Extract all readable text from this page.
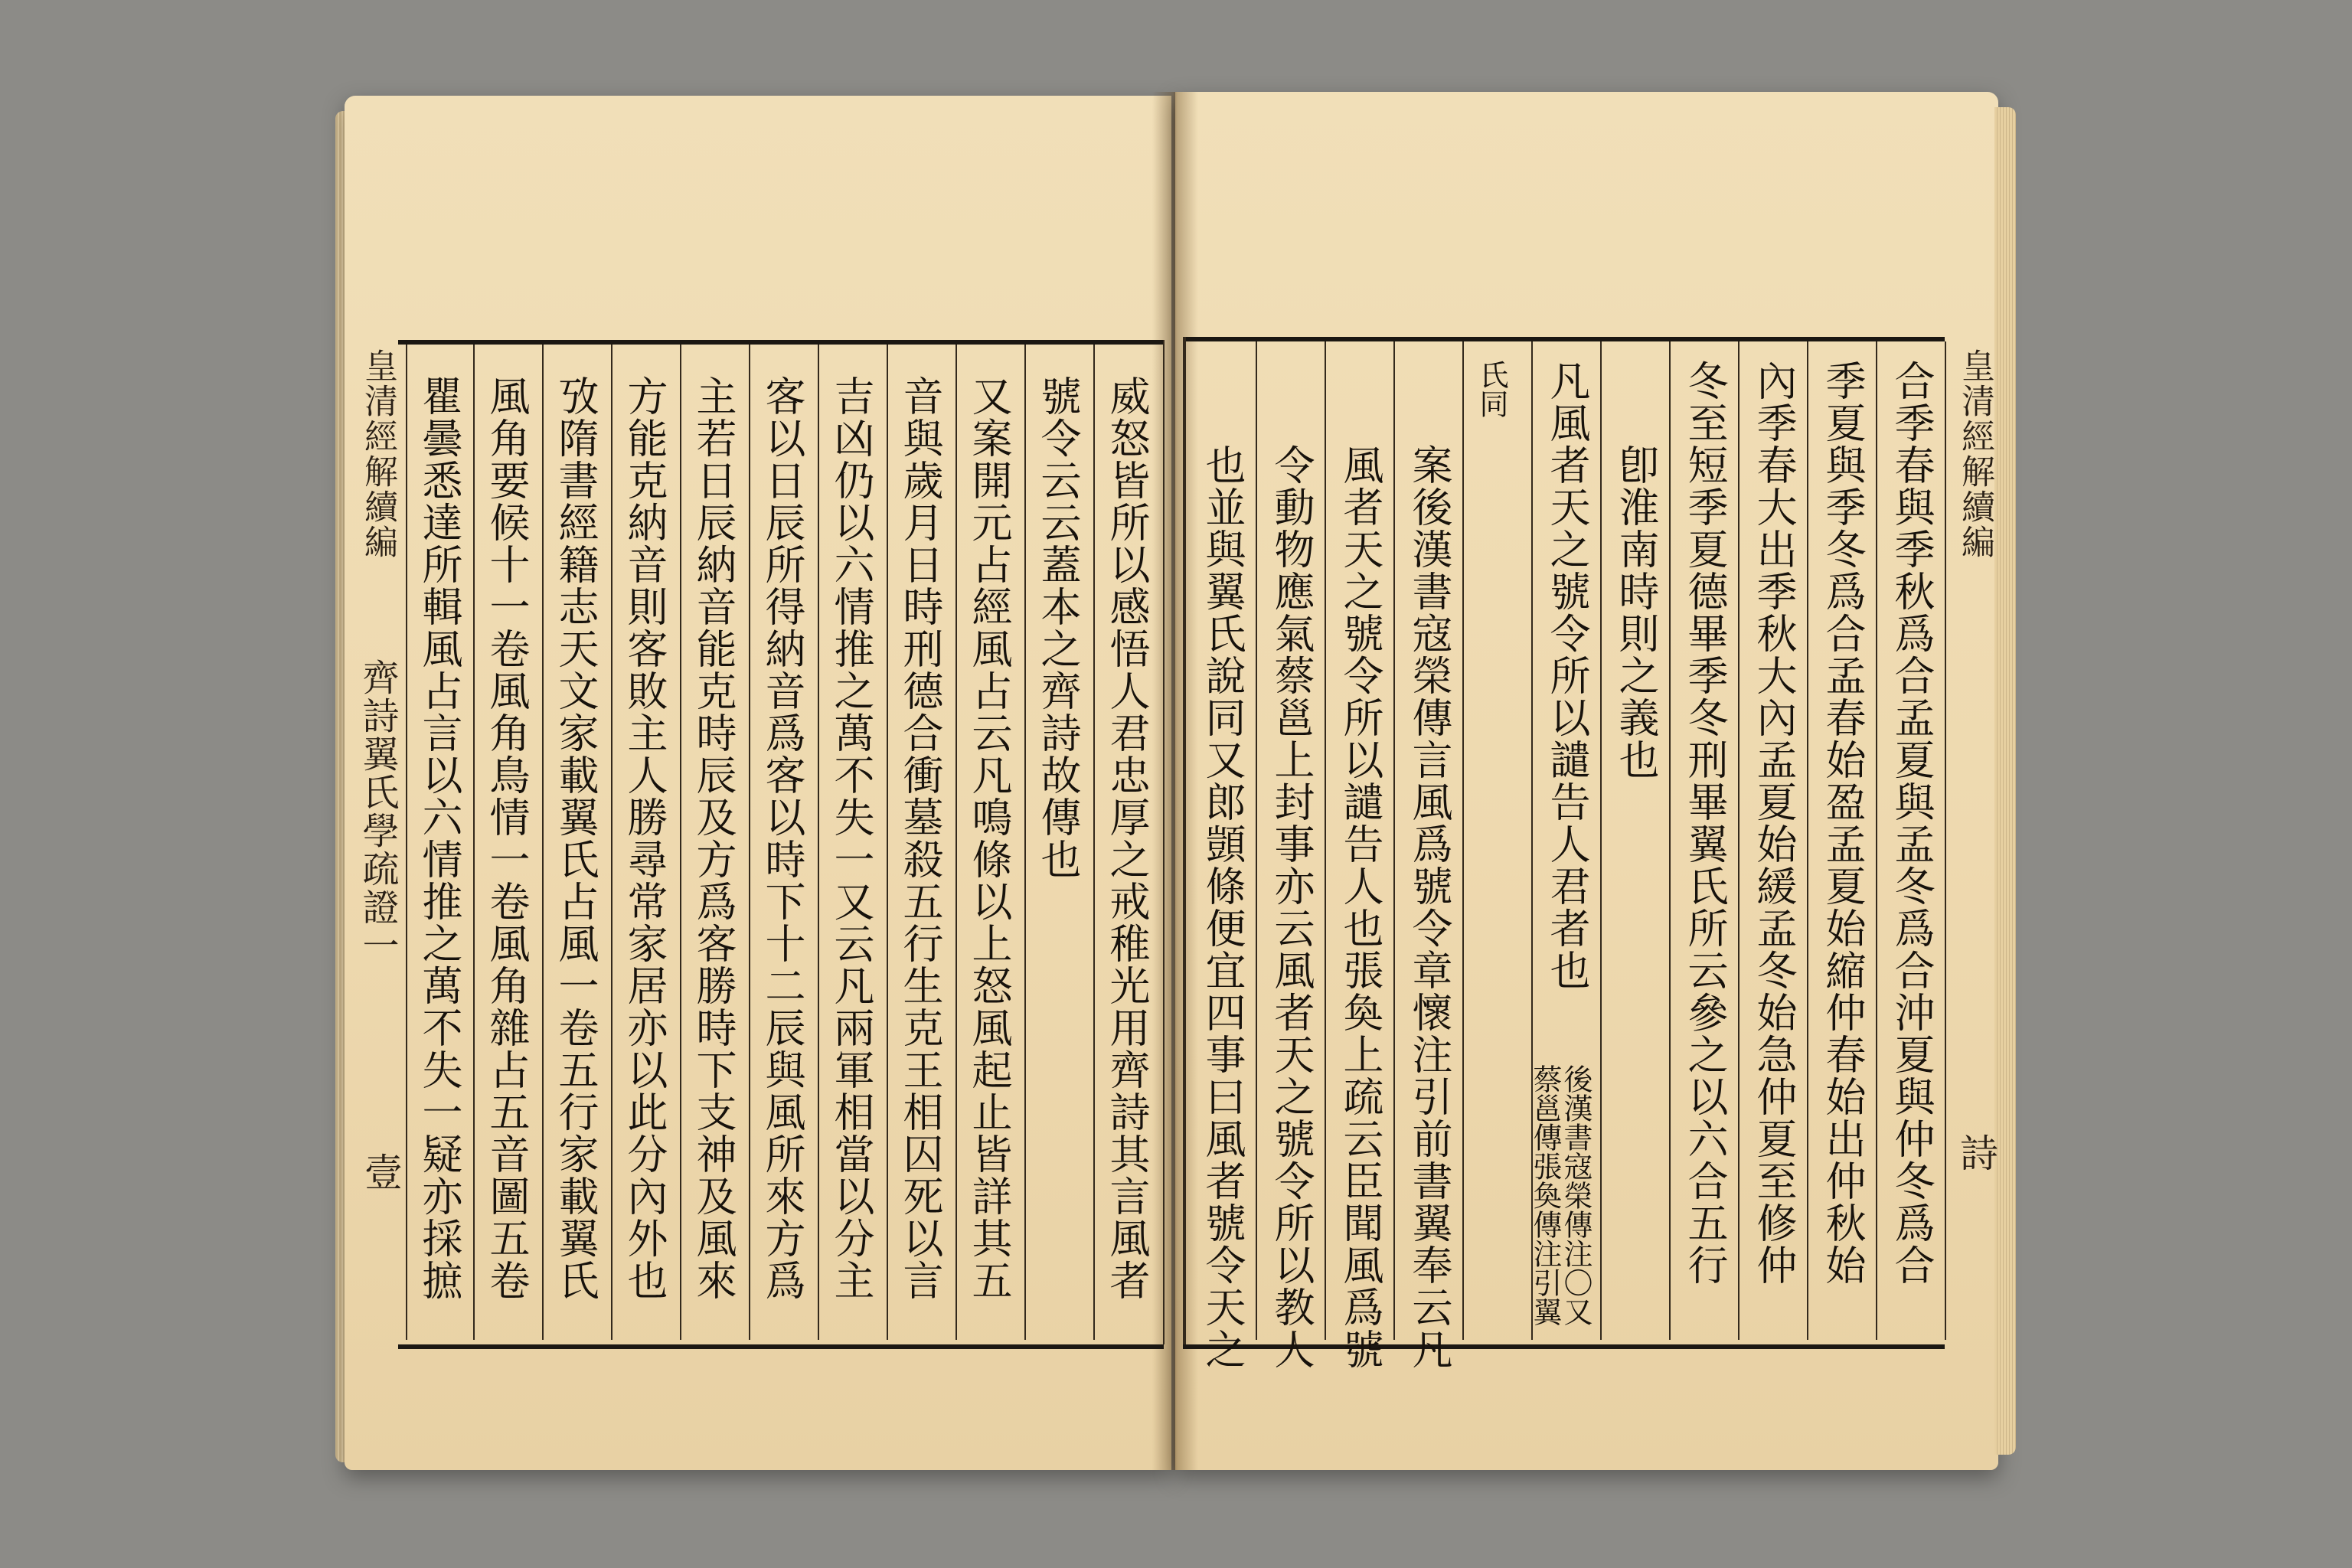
威怒皆所以感悟人君忠厚之戒稚光用齊詩其言風者
號令云云蓋本之齊詩故傳也
又案開元占經風占云凡鳴條以上怒風起止皆詳其五
音與歲月日時刑德合衝墓殺五行生克王相囚死以言
吉凶仍以六情推之萬不失一又云凡兩軍相當以分主
客以日辰所得納音爲客以時下十二辰與風所來方爲
主若日辰納音能克時辰及方爲客勝時下支神及風來
方能克納音則客敗主人勝尋常家居亦以此分內外也
攷隋書經籍志天文家載翼氏占風一卷五行家載翼氏
風角要候十一卷風角鳥情一卷風角雜占五音圖五卷
瞿曇悉達所輯風占言以六情推之萬不失一疑亦採摭
皇清經解續編
齊詩翼氏學疏證一
壹	合季春與季秋爲合孟夏與孟冬爲合沖夏與仲冬爲合
季夏與季冬爲合孟春始盈孟夏始縮仲春始出仲秋始
內季春大出季秋大內孟夏始緩孟冬始急仲夏至修仲
冬至短季夏德畢季冬刑畢翼氏所云參之以六合五行
卽淮南時則之義也
凡風者天之號令所以譴告人君者也
後漢書寇榮傳注〇又
蔡邕傳張奐傳注引翼
氏同
案後漢書寇榮傳言風爲號令章懷注引前書翼奉云凡
風者天之號令所以譴告人也張奐上疏云臣聞風爲號
令動物應氣蔡邕上封事亦云風者天之號令所以教人
也並與翼氏說同又郎顗條便宜四事曰風者號令天之	皇清經解續編
詩
